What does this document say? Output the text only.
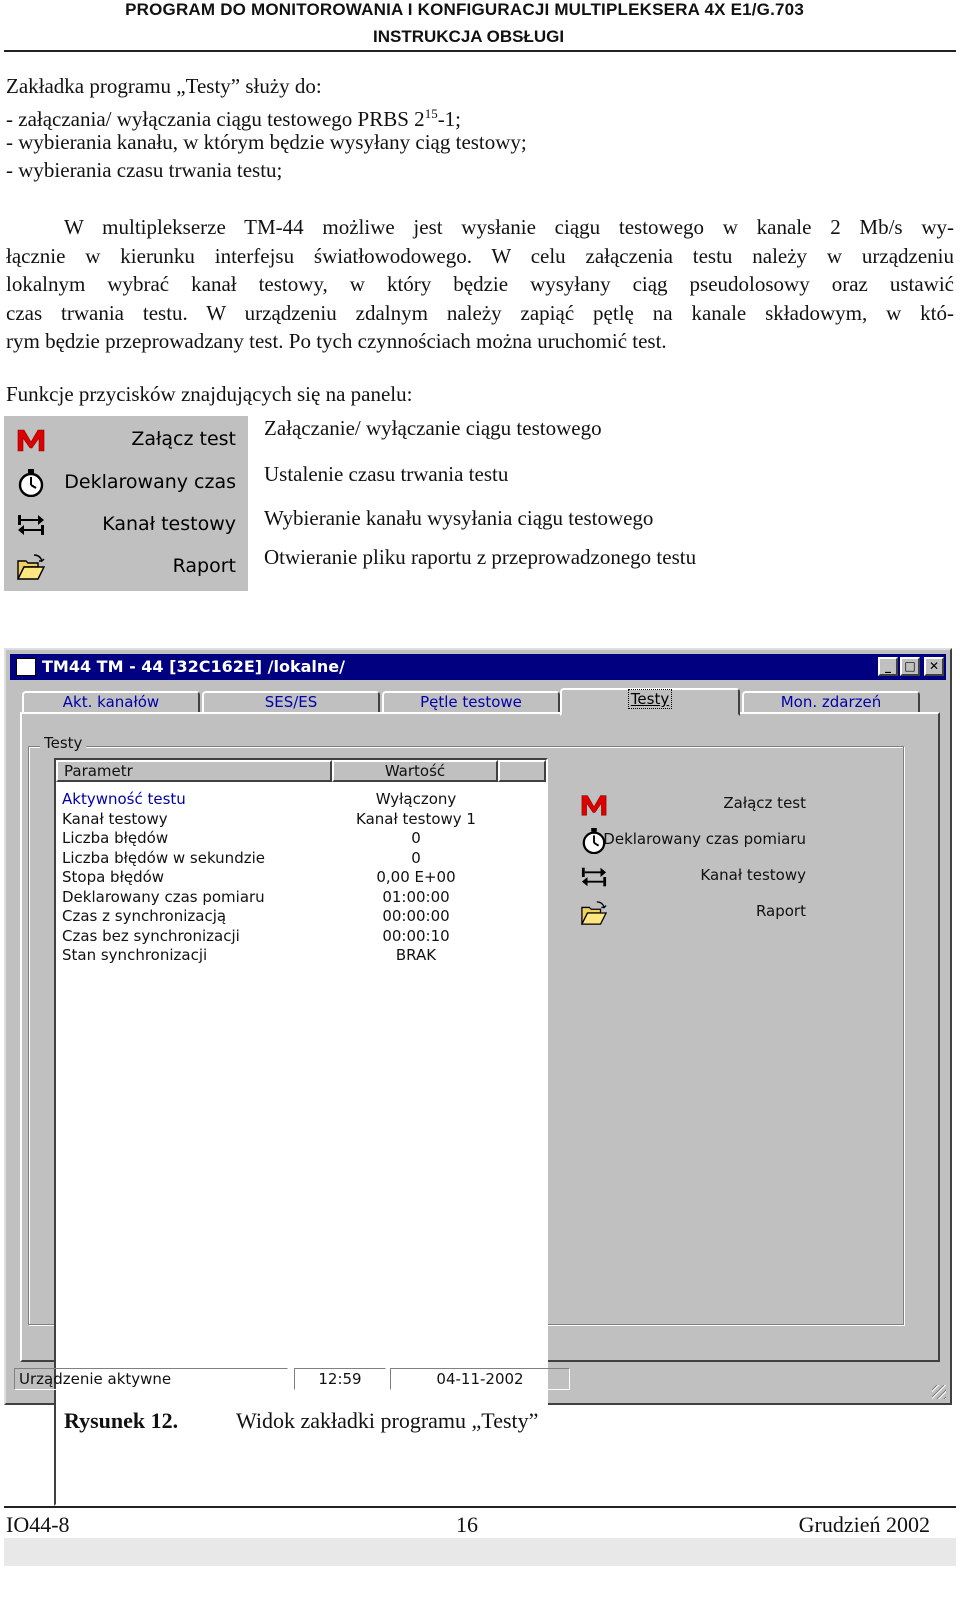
PROGRAM DO MONITOROWANIA I KONFIGURACJI MULTIPLEKSERA 4X E1/G.703
INSTRUKCJA OBSŁUGI
Zakładka programu „Testy” służy do:
- załączania/ wyłączania ciągu testowego PRBS $2^{15}-1$;
- wybierania kanału, w którym będzie wysyłany ciąg testowy;
- wybierania czasu trwania testu;
W multiplekserze TM-44 możliwe jest wysłanie ciągu testowego w kanale 2 Mb/s wy-
łącznie w kierunku interfejsu światłowodowego. W celu załączenia testu należy w urządzeniu
lokalnym wybrać kanał testowy, w który będzie wysyłany ciąg pseudolosowy oraz ustawić
czas trwania testu. W urządzeniu zdalnym należy zapiąć pętlę na kanale składowym, w któ-
rym będzie przeprowadzany test. Po tych czynnościach można uruchomić test.
Funkcje przycisków znajdujących się na panelu:
Załącz test
Deklarowany czas
Kanał testowy
Raport
Załączanie/ wyłączanie ciągu testowego
Ustalenie czasu trwania testu
Wybieranie kanału wysyłania ciągu testowego
Otwieranie pliku raportu z przeprowadzonego testu
TM44 TM - 44 [32C162E] /lokalne/	_	□	✕
Akt. kanałów	SES/ES	Pętle testowe	Testy	Mon. zdarzeń
Testy
Parametr	Wartość
Aktywność testu	Wyłączony
Kanał testowy	Kanał testowy 1
Liczba błędów	0
Liczba błędów w sekundzie	0
Stopa błędów	0,00 E+00
Deklarowany czas pomiaru	01:00:00
Czas z synchronizacją	00:00:00
Czas bez synchronizacji	00:00:10
Stan synchronizacji	BRAK
Załącz test
Deklarowany czas pomiaru
Kanał testowy
Raport
Urządzenie aktywne	12:59	04-11-2002
Rysunek 12.	Widok zakładki programu „Testy”
IO44-8	16	Grudzień 2002
